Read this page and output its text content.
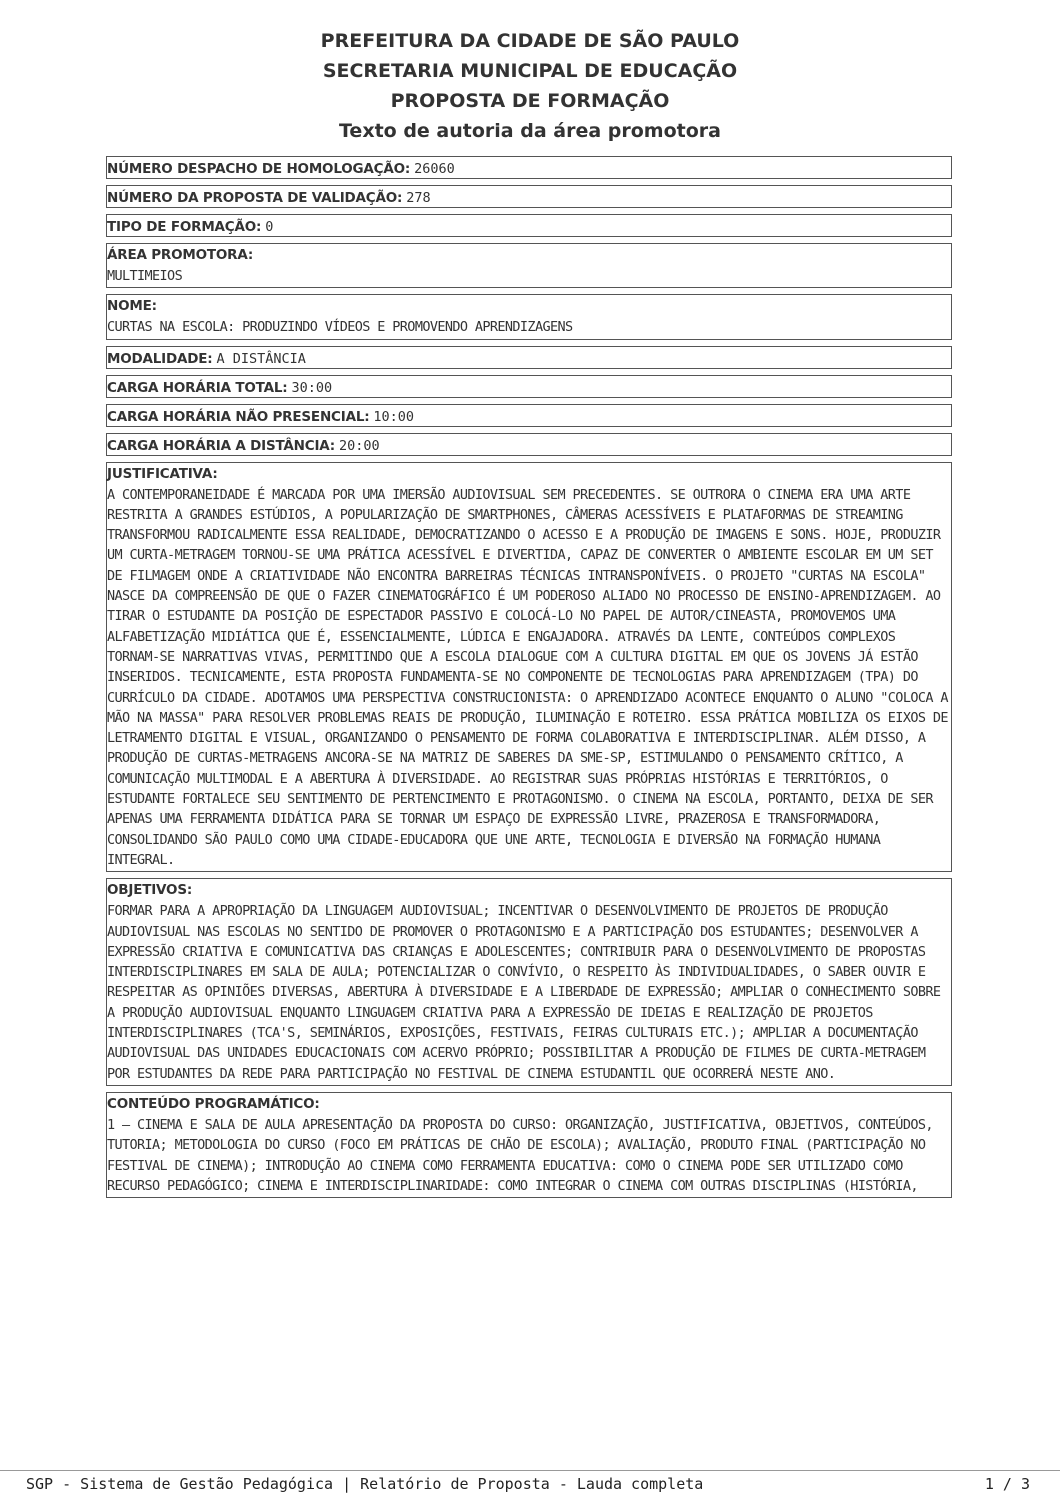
PREFEITURA DA CIDADE DE SÃO PAULO
SECRETARIA MUNICIPAL DE EDUCAÇÃO
PROPOSTA DE FORMAÇÃO
Texto de autoria da área promotora
NÚMERO DESPACHO DE HOMOLOGAÇÃO: 26060
NÚMERO DA PROPOSTA DE VALIDAÇÃO: 278
TIPO DE FORMAÇÃO: 0
ÁREA PROMOTORA:
MULTIMEIOS
NOME:
CURTAS NA ESCOLA: PRODUZINDO VÍDEOS E PROMOVENDO APRENDIZAGENS
MODALIDADE: A DISTÂNCIA
CARGA HORÁRIA TOTAL: 30:00
CARGA HORÁRIA NÃO PRESENCIAL: 10:00
CARGA HORÁRIA A DISTÂNCIA: 20:00
JUSTIFICATIVA:
A CONTEMPORANEIDADE É MARCADA POR UMA IMERSÃO AUDIOVISUAL SEM PRECEDENTES. SE OUTRORA O CINEMA ERA UMA ARTE RESTRITA A GRANDES ESTÚDIOS, A POPULARIZAÇÃO DE SMARTPHONES, CÂMERAS ACESSÍVEIS E PLATAFORMAS DE STREAMING TRANSFORMOU RADICALMENTE ESSA REALIDADE, DEMOCRATIZANDO O ACESSO E A PRODUÇÃO DE IMAGENS E SONS. HOJE, PRODUZIR UM CURTA-METRAGEM TORNOU-SE UMA PRÁTICA ACESSÍVEL E DIVERTIDA, CAPAZ DE CONVERTER O AMBIENTE ESCOLAR EM UM SET DE FILMAGEM ONDE A CRIATIVIDADE NÃO ENCONTRA BARREIRAS TÉCNICAS INTRANSPONÍVEIS. O PROJETO "CURTAS NA ESCOLA" NASCE DA COMPREENSÃO DE QUE O FAZER CINEMATOGRÁFICO É UM PODEROSO ALIADO NO PROCESSO DE ENSINO-APRENDIZAGEM. AO TIRAR O ESTUDANTE DA POSIÇÃO DE ESPECTADOR PASSIVO E COLOCÁ-LO NO PAPEL DE AUTOR/CINEASTA, PROMOVEMOS UMA ALFABETIZAÇÃO MIDIÁTICA QUE É, ESSENCIALMENTE, LÚDICA E ENGAJADORA. ATRAVÉS DA LENTE, CONTEÚDOS COMPLEXOS TORNAM-SE NARRATIVAS VIVAS, PERMITINDO QUE A ESCOLA DIALOGUE COM A CULTURA DIGITAL EM QUE OS JOVENS JÁ ESTÃO INSERIDOS. TECNICAMENTE, ESTA PROPOSTA FUNDAMENTA-SE NO COMPONENTE DE TECNOLOGIAS PARA APRENDIZAGEM (TPA) DO CURRÍCULO DA CIDADE. ADOTAMOS UMA PERSPECTIVA CONSTRUCIONISTA: O APRENDIZADO ACONTECE ENQUANTO O ALUNO "COLOCA A MÃO NA MASSA" PARA RESOLVER PROBLEMAS REAIS DE PRODUÇÃO, ILUMINAÇÃO E ROTEIRO. ESSA PRÁTICA MOBILIZA OS EIXOS DE LETRAMENTO DIGITAL E VISUAL, ORGANIZANDO O PENSAMENTO DE FORMA COLABORATIVA E INTERDISCIPLINAR. ALÉM DISSO, A PRODUÇÃO DE CURTAS-METRAGENS ANCORA-SE NA MATRIZ DE SABERES DA SME-SP, ESTIMULANDO O PENSAMENTO CRÍTICO, A COMUNICAÇÃO MULTIMODAL E A ABERTURA À DIVERSIDADE. AO REGISTRAR SUAS PRÓPRIAS HISTÓRIAS E TERRITÓRIOS, O ESTUDANTE FORTALECE SEU SENTIMENTO DE PERTENCIMENTO E PROTAGONISMO. O CINEMA NA ESCOLA, PORTANTO, DEIXA DE SER APENAS UMA FERRAMENTA DIDÁTICA PARA SE TORNAR UM ESPAÇO DE EXPRESSÃO LIVRE, PRAZEROSA E TRANSFORMADORA, CONSOLIDANDO SÃO PAULO COMO UMA CIDADE-EDUCADORA QUE UNE ARTE, TECNOLOGIA E DIVERSÃO NA FORMAÇÃO HUMANA INTEGRAL.
OBJETIVOS:
FORMAR PARA A APROPRIAÇÃO DA LINGUAGEM AUDIOVISUAL; INCENTIVAR O DESENVOLVIMENTO DE PROJETOS DE PRODUÇÃO AUDIOVISUAL NAS ESCOLAS NO SENTIDO DE PROMOVER O PROTAGONISMO E A PARTICIPAÇÃO DOS ESTUDANTES; DESENVOLVER A EXPRESSÃO CRIATIVA E COMUNICATIVA DAS CRIANÇAS E ADOLESCENTES; CONTRIBUIR PARA O DESENVOLVIMENTO DE PROPOSTAS INTERDISCIPLINARES EM SALA DE AULA; POTENCIALIZAR O CONVÍVIO, O RESPEITO ÀS INDIVIDUALIDADES, O SABER OUVIR E RESPEITAR AS OPINIÕES DIVERSAS, ABERTURA À DIVERSIDADE E A LIBERDADE DE EXPRESSÃO; AMPLIAR O CONHECIMENTO SOBRE A PRODUÇÃO AUDIOVISUAL ENQUANTO LINGUAGEM CRIATIVA PARA A EXPRESSÃO DE IDEIAS E REALIZAÇÃO DE PROJETOS INTERDISCIPLINARES (TCA'S, SEMINÁRIOS, EXPOSIÇÕES, FESTIVAIS, FEIRAS CULTURAIS ETC.); AMPLIAR A DOCUMENTAÇÃO AUDIOVISUAL DAS UNIDADES EDUCACIONAIS COM ACERVO PRÓPRIO; POSSIBILITAR A PRODUÇÃO DE FILMES DE CURTA-METRAGEM POR ESTUDANTES DA REDE PARA PARTICIPAÇÃO NO FESTIVAL DE CINEMA ESTUDANTIL QUE OCORRERÁ NESTE ANO.
CONTEÚDO PROGRAMÁTICO:
1 — CINEMA E SALA DE AULA APRESENTAÇÃO DA PROPOSTA DO CURSO: ORGANIZAÇÃO, JUSTIFICATIVA, OBJETIVOS, CONTEÚDOS, TUTORIA; METODOLOGIA DO CURSO (FOCO EM PRÁTICAS DE CHÃO DE ESCOLA); AVALIAÇÃO, PRODUTO FINAL (PARTICIPAÇÃO NO FESTIVAL DE CINEMA); INTRODUÇÃO AO CINEMA COMO FERRAMENTA EDUCATIVA: COMO O CINEMA PODE SER UTILIZADO COMO RECURSO PEDAGÓGICO; CINEMA E INTERDISCIPLINARIDADE: COMO INTEGRAR O CINEMA COM OUTRAS DISCIPLINAS (HISTÓRIA,
SGP - Sistema de Gestão Pedagógica | Relatório de Proposta - Lauda completa	1 / 3
